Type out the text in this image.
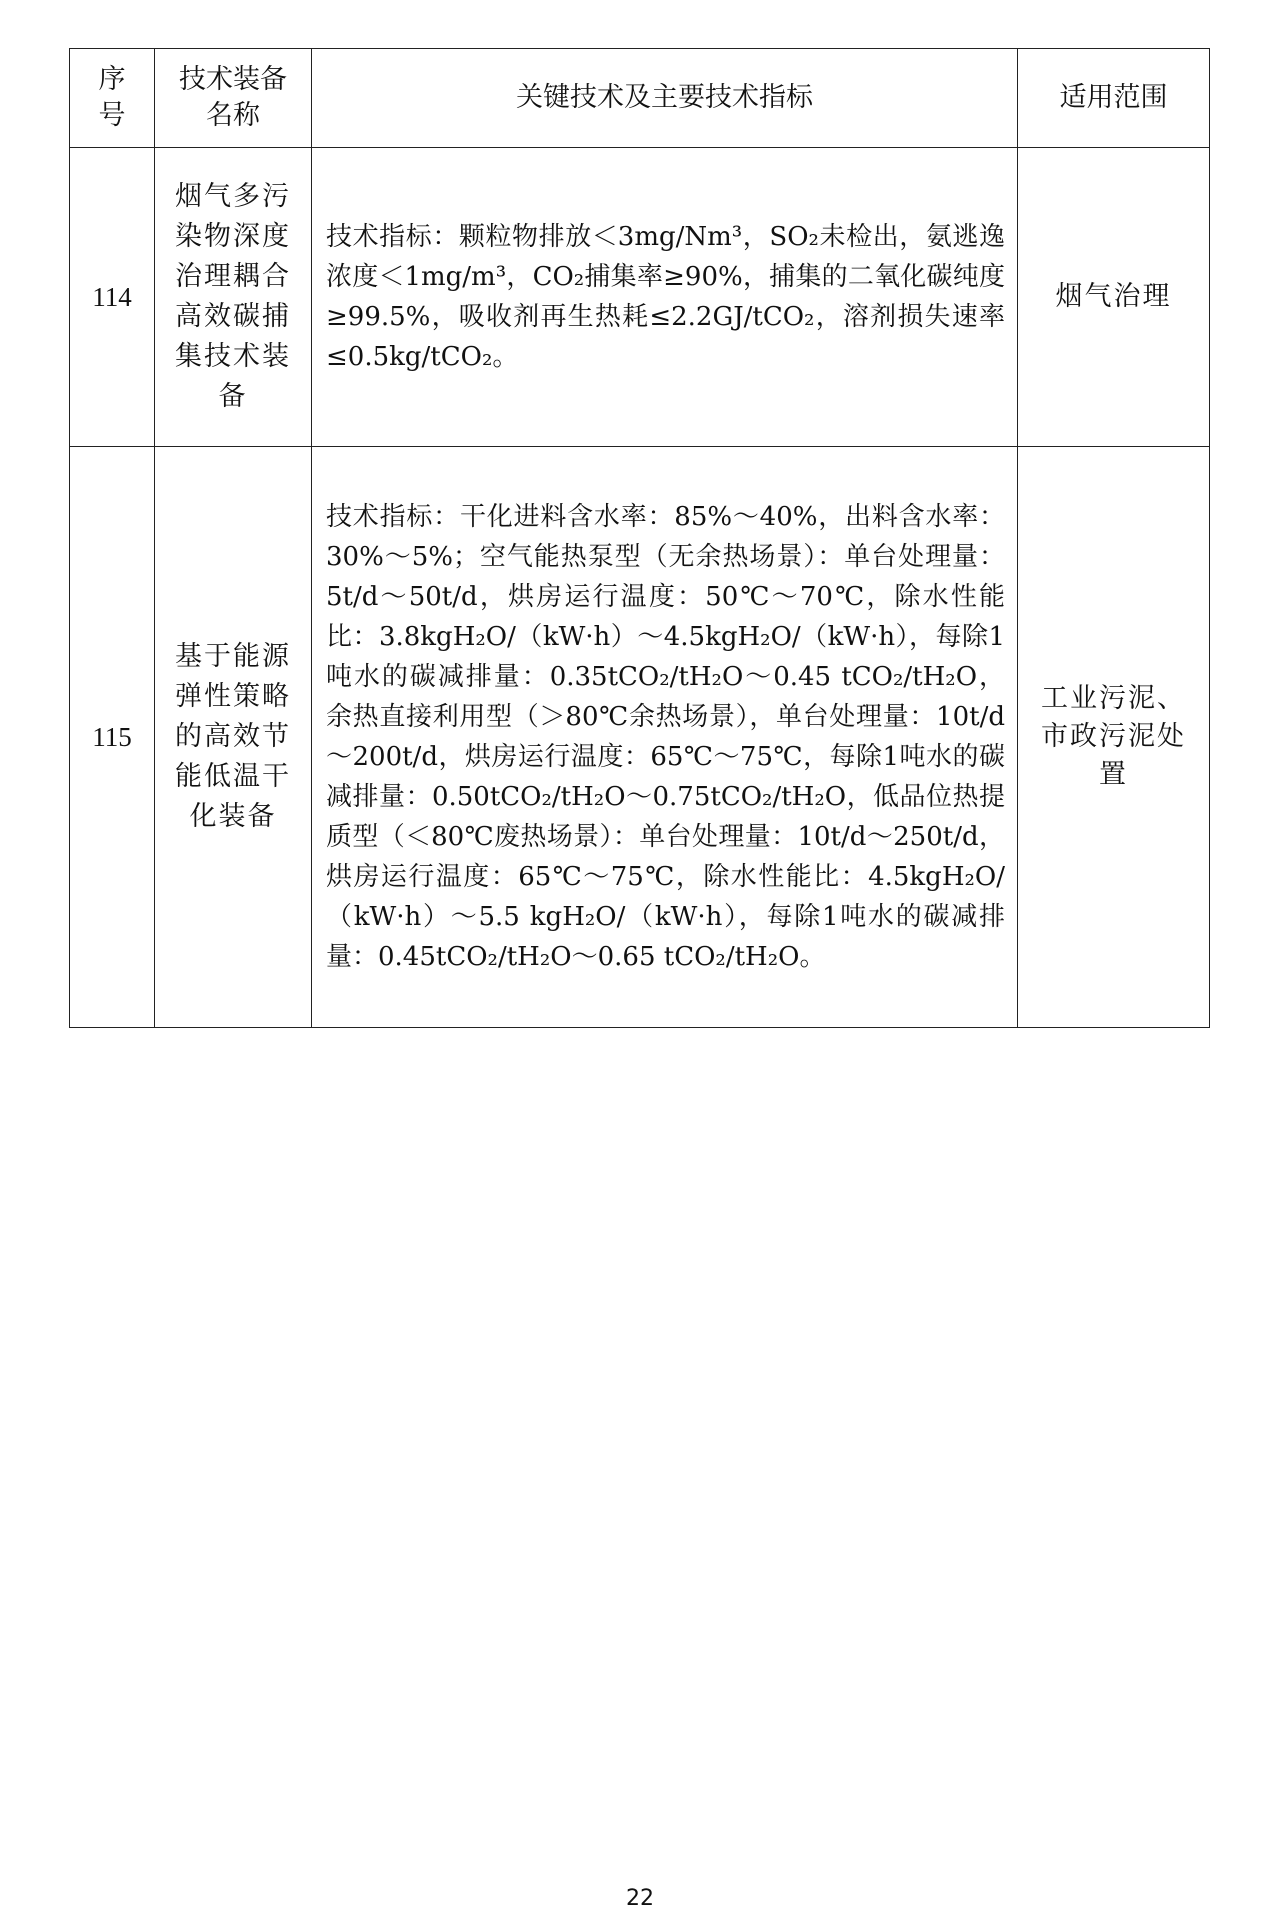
序号	技术装备名称	关键技术及主要技术指标	适用范围
114	烟气多污染物深度治理耦合高效碳捕集技术装备	技术指标：颗粒物排放＜3mg/Nm³，SO₂未检出，氨逃逸浓度＜1mg/m³，CO₂捕集率≥90%，捕集的二氧化碳纯度≥99.5%，吸收剂再生热耗≤2.2GJ/tCO₂，溶剂损失速率≤0.5kg/tCO₂。	烟气治理
115	基于能源弹性策略的高效节能低温干化装备	技术指标：干化进料含水率：85%～40%，出料含水率：30%～5%；空气能热泵型（无余热场景）：单台处理量：5t/d～50t/d，烘房运行温度：50℃～70℃，除水性能比：3.8kgH₂O/（kW·h）～4.5kgH₂O/（kW·h），每除1吨水的碳减排量：0.35tCO₂/tH₂O～0.45 tCO₂/tH₂O，余热直接利用型（＞80℃余热场景），单台处理量：10t/d～200t/d，烘房运行温度：65℃～75℃，每除1吨水的碳减排量：0.50tCO₂/tH₂O～0.75tCO₂/tH₂O，低品位热提质型（＜80℃废热场景）：单台处理量：10t/d～250t/d，烘房运行温度：65℃～75℃，除水性能比：4.5kgH₂O/（kW·h）～5.5 kgH₂O/（kW·h），每除1吨水的碳减排量：0.45tCO₂/tH₂O～0.65 tCO₂/tH₂O。	工业污泥、市政污泥处置
22
